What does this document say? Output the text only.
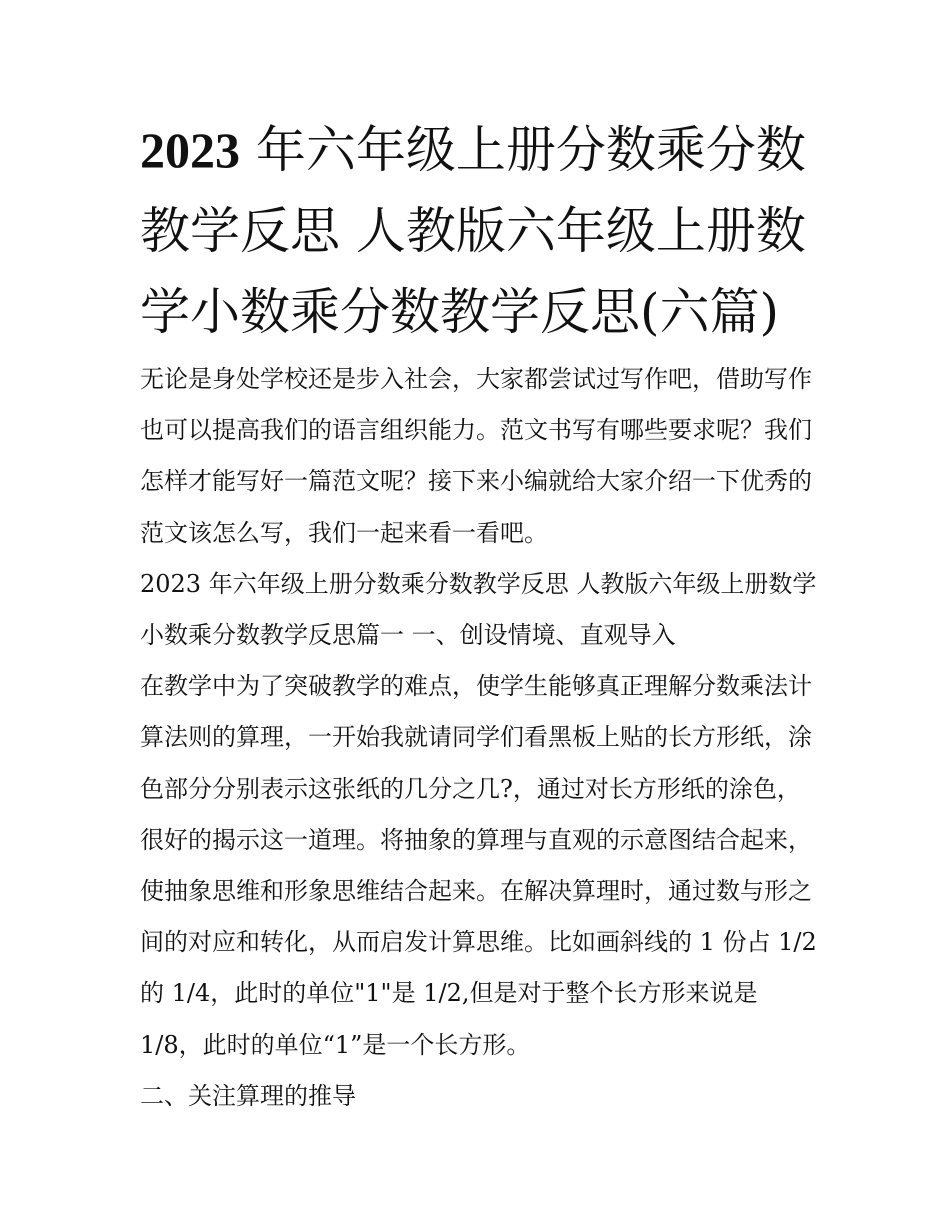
2023 年六年级上册分数乘分数教学反思 人教版六年级上册数学小数乘分数教学反思(六篇)

无论是身处学校还是步入社会，大家都尝试过写作吧，借助写作也可以提高我们的语言组织能力。范文书写有哪些要求呢？我们怎样才能写好一篇范文呢？接下来小编就给大家介绍一下优秀的范文该怎么写，我们一起来看一看吧。

2023 年六年级上册分数乘分数教学反思 人教版六年级上册数学小数乘分数教学反思篇一 一、创设情境、直观导入

在教学中为了突破教学的难点，使学生能够真正理解分数乘法计算法则的算理，一开始我就请同学们看黑板上贴的长方形纸，涂色部分分别表示这张纸的几分之几?，通过对长方形纸的涂色，很好的揭示这一道理。将抽象的算理与直观的示意图结合起来，使抽象思维和形象思维结合起来。在解决算理时，通过数与形之间的对应和转化，从而启发计算思维。比如画斜线的 1 份占 1/2 的 1/4，此时的单位"1"是 1/2,但是对于整个长方形来说是 1/8，此时的单位“1”是一个长方形。

二、关注算理的推导
